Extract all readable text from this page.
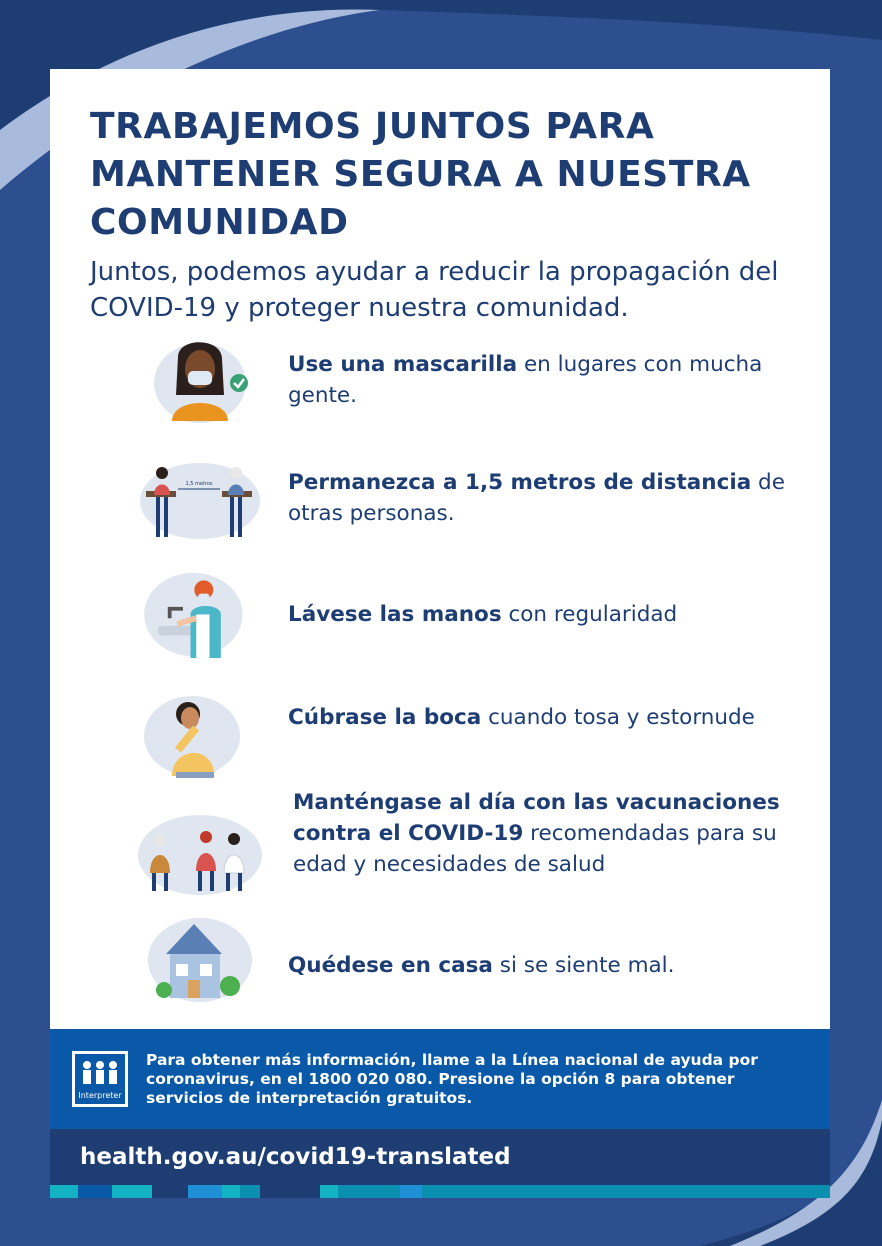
TRABAJEMOS JUNTOS PARA MANTENER SEGURA A NUESTRA COMUNIDAD

Juntos, podemos ayudar a reducir la propagación del COVID-19 y proteger nuestra comunidad.

Use una mascarilla en lugares con mucha gente.
1,5 metros	Permanezca a 1,5 metros de distancia de otras personas.
Lávese las manos con regularidad
Cúbrase la boca cuando tosa y estornude
Manténgase al día con las vacunaciones contra el COVID-19 recomendadas para su edad y necesidades de salud
Quédese en casa si se siente mal.
Interpreter
Para obtener más información, llame a la Línea nacional de ayuda por coronavirus, en el 1800 020 080. Presione la opción 8 para obtener servicios de interpretación gratuitos.
health.gov.au/covid19-translated
